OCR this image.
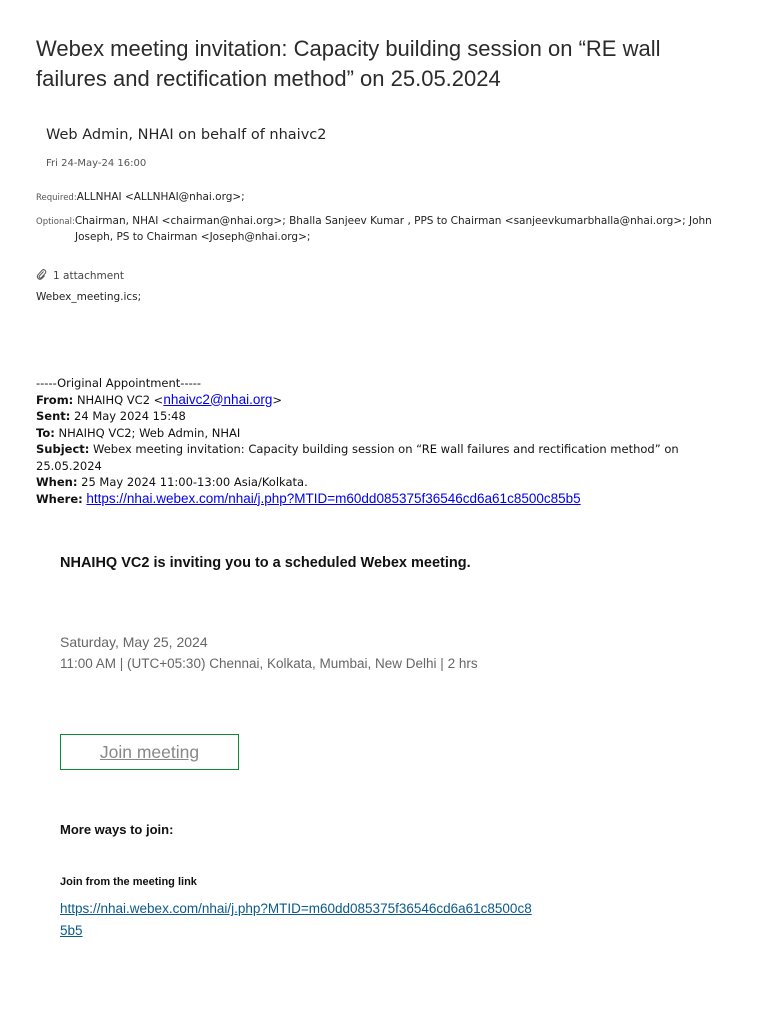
Webex meeting invitation: Capacity building session on “RE wall failures and rectification method” on 25.05.2024
Web Admin, NHAI on behalf of nhaivc2
Fri 24-May-24 16:00
Required:ALLNHAI <ALLNHAI@nhai.org>;
Optional:Chairman, NHAI <chairman@nhai.org>; Bhalla Sanjeev Kumar , PPS to Chairman <sanjeevkumarbhalla@nhai.org>; John
Joseph, PS to Chairman <Joseph@nhai.org>;
1 attachment
Webex_meeting.ics;
-----Original Appointment-----
From: NHAIHQ VC2 <nhaivc2@nhai.org>
Sent: 24 May 2024 15:48
To: NHAIHQ VC2; Web Admin, NHAI
Subject: Webex meeting invitation: Capacity building session on “RE wall failures and rectification method” on 25.05.2024
When: 25 May 2024 11:00-13:00 Asia/Kolkata.
Where: https://nhai.webex.com/nhai/j.php?MTID=m60dd085375f36546cd6a61c8500c85b5
NHAIHQ VC2 is inviting you to a scheduled Webex meeting.
Saturday, May 25, 2024
11:00 AM | (UTC+05:30) Chennai, Kolkata, Mumbai, New Delhi | 2 hrs
Join meeting
More ways to join:
Join from the meeting link
https://nhai.webex.com/nhai/j.php?MTID=m60dd085375f36546cd6a61c8500c8
5b5
